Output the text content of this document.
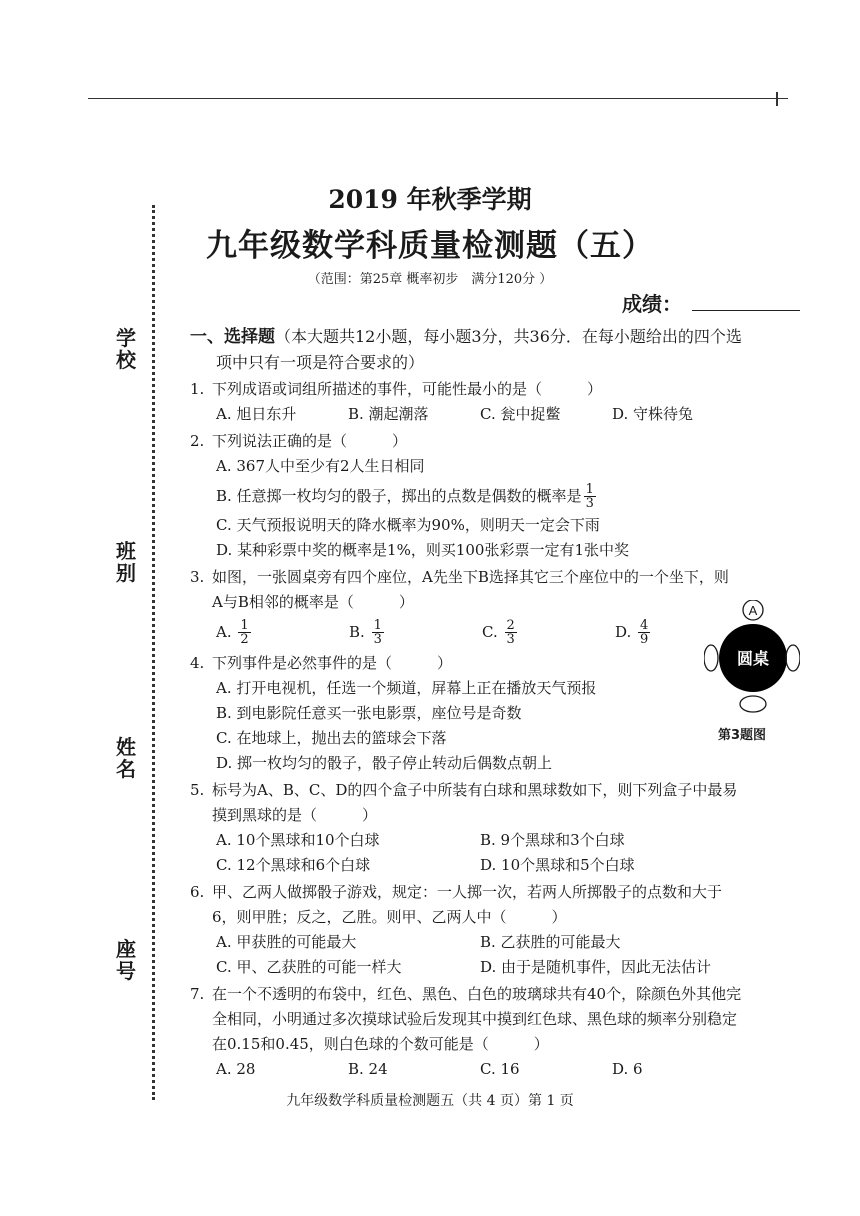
学
校
班
别
姓
名
座
号
2019 年秋季学期
九年级数学科质量检测题（五）
（范围：第25章 概率初步　满分120分 ）
成绩：
一、选择题（本大题共12小题，每小题3分，共36分．在每小题给出的四个选
项中只有一项是符合要求的）
1. 下列成语或词组所描述的事件，可能性最小的是（　　　）
A. 旭日东升	B. 潮起潮落	C. 瓮中捉鳖	D. 守株待兔
2. 下列说法正确的是（　　　）
A. 367人中至少有2人生日相同
B. 任意掷一枚均匀的骰子，掷出的点数是偶数的概率是 $\frac{1}{3}$
C. 天气预报说明天的降水概率为90%，则明天一定会下雨
D. 某种彩票中奖的概率是1%，则买100张彩票一定有1张中奖
3. 如图，一张圆桌旁有四个座位，A先坐下B选择其它三个座位中的一个坐下，则
A与B相邻的概率是（　　　）
A.
$\frac{1}{2}$	B.
$\frac{1}{3}$	C.
$\frac{2}{3}$	D.
$\frac{4}{9}$
4. 下列事件是必然事件的是（　　　）
A. 打开电视机，任选一个频道，屏幕上正在播放天气预报
B. 到电影院任意买一张电影票，座位号是奇数
C. 在地球上，抛出去的篮球会下落
D. 掷一枚均匀的骰子，骰子停止转动后偶数点朝上
5. 标号为A、B、C、D的四个盒子中所装有白球和黑球数如下，则下列盒子中最易
摸到黑球的是（　　　）
A. 10个黑球和10个白球	B. 9个黑球和3个白球
C. 12个黑球和6个白球	D. 10个黑球和5个白球
6. 甲、乙两人做掷骰子游戏，规定：一人掷一次，若两人所掷骰子的点数和大于
6，则甲胜；反之，乙胜。则甲、乙两人中（　　　）
A. 甲获胜的可能最大	B. 乙获胜的可能最大
C. 甲、乙获胜的可能一样大	D. 由于是随机事件，因此无法估计
7. 在一个不透明的布袋中，红色、黑色、白色的玻璃球共有40个，除颜色外其他完
全相同，小明通过多次摸球试验后发现其中摸到红色球、黑色球的频率分别稳定
在0.15和0.45，则白色球的个数可能是（　　　）
A. 28	B. 24	C. 16	D. 6
A
圆桌
第3题图
九年级数学科质量检测题五（共 4 页）第 1 页
